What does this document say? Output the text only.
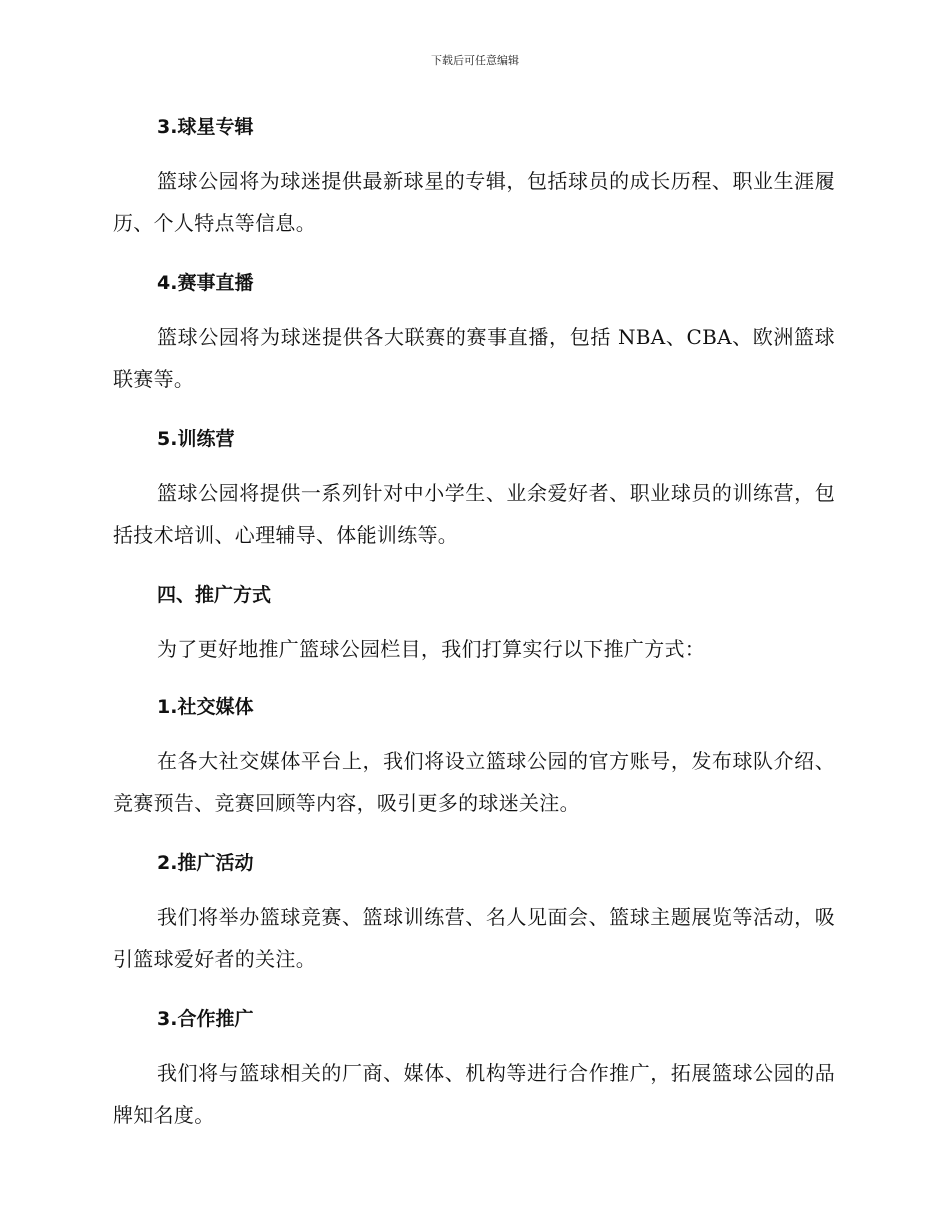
下载后可任意编辑
3.球星专辑

篮球公园将为球迷提供最新球星的专辑，包括球员的成长历程、职业生涯履历、个人特点等信息。

4.赛事直播

篮球公园将为球迷提供各大联赛的赛事直播，包括 NBA、CBA、欧洲篮球联赛等。

5.训练营

篮球公园将提供一系列针对中小学生、业余爱好者、职业球员的训练营，包括技术培训、心理辅导、体能训练等。

四、推广方式

为了更好地推广篮球公园栏目，我们打算实行以下推广方式：

1.社交媒体

在各大社交媒体平台上，我们将设立篮球公园的官方账号，发布球队介绍、竞赛预告、竞赛回顾等内容，吸引更多的球迷关注。

2.推广活动

我们将举办篮球竞赛、篮球训练营、名人见面会、篮球主题展览等活动，吸引篮球爱好者的关注。

3.合作推广

我们将与篮球相关的厂商、媒体、机构等进行合作推广，拓展篮球公园的品牌知名度。
